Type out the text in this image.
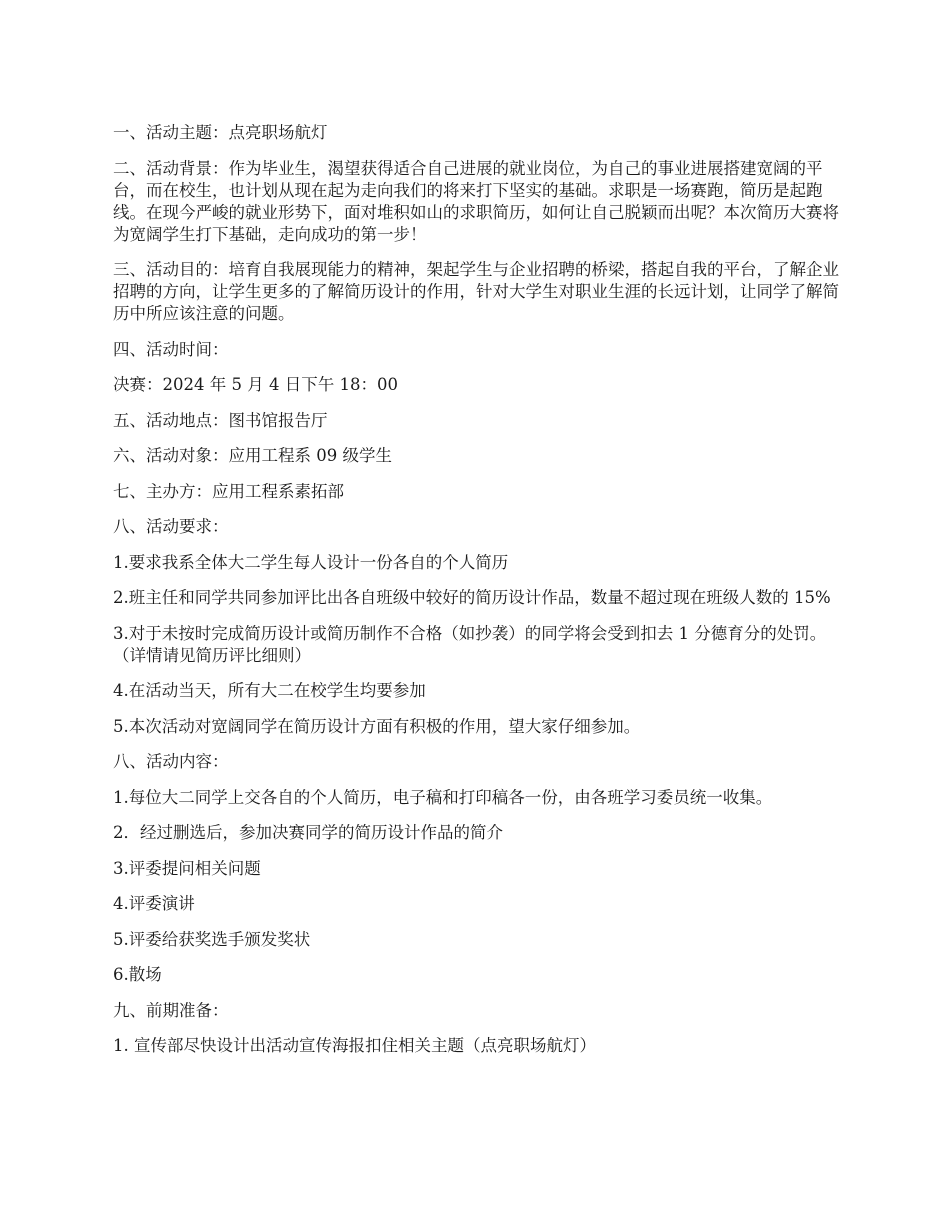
一、活动主题：点亮职场航灯

二、活动背景：作为毕业生，渴望获得适合自己进展的就业岗位，为自己的事业进展搭建宽阔的平台，而在校生，也计划从现在起为走向我们的将来打下坚实的基础。求职是一场赛跑，简历是起跑线。在现今严峻的就业形势下，面对堆积如山的求职简历，如何让自己脱颖而出呢？本次简历大赛将为宽阔学生打下基础，走向成功的第一步！

三、活动目的：培育自我展现能力的精神，架起学生与企业招聘的桥梁，搭起自我的平台，了解企业招聘的方向，让学生更多的了解简历设计的作用，针对大学生对职业生涯的长远计划，让同学了解简历中所应该注意的问题。

四、活动时间：

决赛：2024 年 5 月 4 日下午 18：00

五、活动地点：图书馆报告厅

六、活动对象：应用工程系 09 级学生

七、主办方：应用工程系素拓部

八、活动要求：

1.要求我系全体大二学生每人设计一份各自的个人简历

2.班主任和同学共同参加评比出各自班级中较好的简历设计作品，数量不超过现在班级人数的 15%

3.对于未按时完成简历设计或简历制作不合格（如抄袭）的同学将会受到扣去 1 分德育分的处罚。（详情请见简历评比细则）

4.在活动当天，所有大二在校学生均要参加

5.本次活动对宽阔同学在简历设计方面有积极的作用，望大家仔细参加。

八、活动内容：

1.每位大二同学上交各自的个人简历，电子稿和打印稿各一份，由各班学习委员统一收集。

2．经过删选后，参加决赛同学的简历设计作品的简介

3.评委提问相关问题

4.评委演讲

5.评委给获奖选手颁发奖状

6.散场

九、前期准备：

1. 宣传部尽快设计出活动宣传海报扣住相关主题（点亮职场航灯）
